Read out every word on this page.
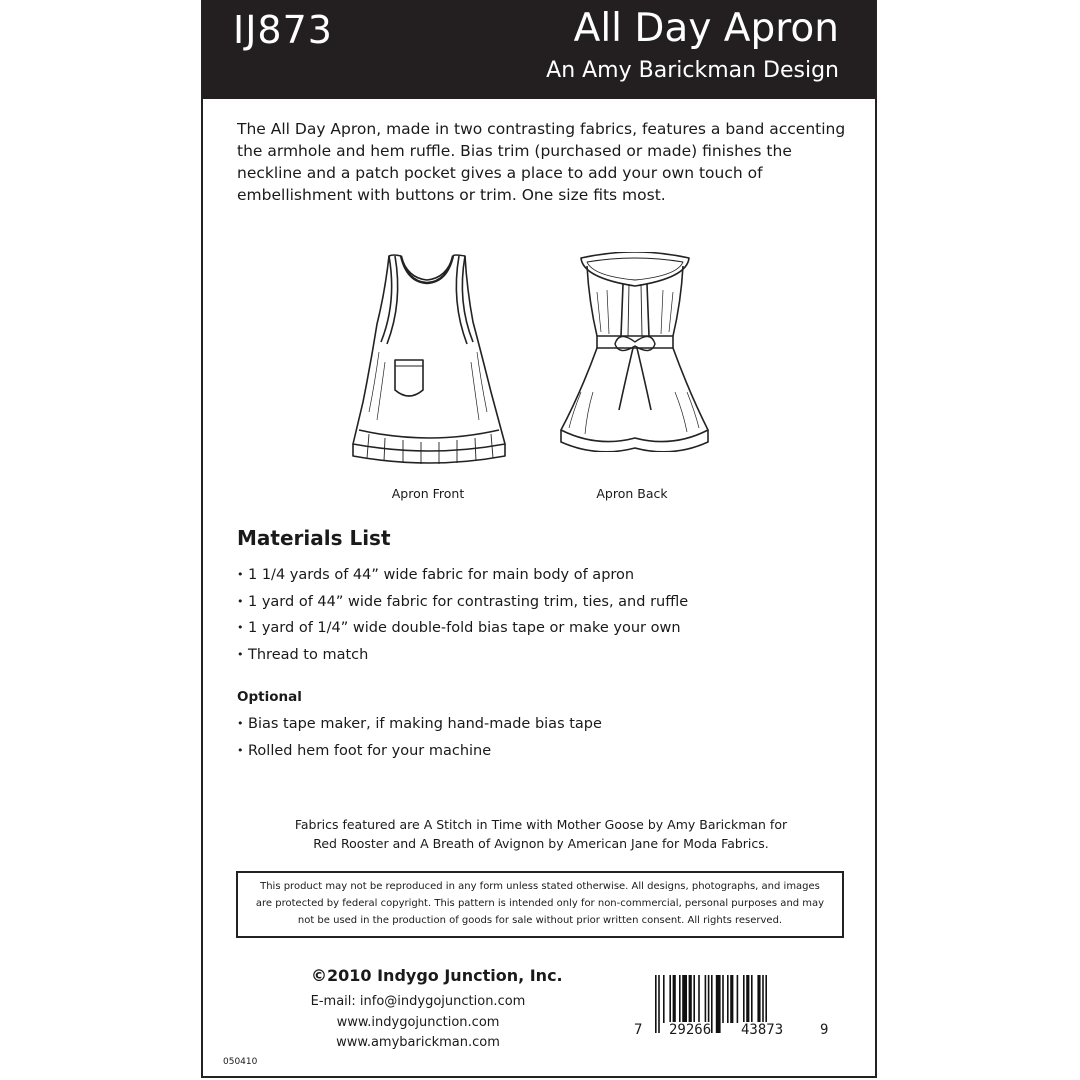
IJ873	All Day Apron
An Amy Barickman Design
The All Day Apron, made in two contrasting fabrics, features a band accenting the armhole and hem ruffle. Bias trim (purchased or made) finishes the neckline and a patch pocket gives a place to add your own touch of embellishment with buttons or trim. One size fits most.
Apron Front	Apron Back
Materials List
• 1 1/4 yards of 44” wide fabric for main body of apron
• 1 yard of 44” wide fabric for contrasting trim, ties, and ruffle
• 1 yard of 1/4” wide double-fold bias tape or make your own
• Thread to match
Optional
• Bias tape maker, if making hand-made bias tape
• Rolled hem foot for your machine
Fabrics featured are A Stitch in Time with Mother Goose by Amy Barickman for
Red Rooster and A Breath of Avignon by American Jane for Moda Fabrics.
This product may not be reproduced in any form unless stated otherwise. All designs, photographs, and images
are protected by federal copyright. This pattern is intended only for non-commercial, personal purposes and may
not be used in the production of goods for sale without prior written consent. All rights reserved.
©2010 Indygo Junction, Inc.
E-mail: info@indygojunction.com
www.indygojunction.com
www.amybarickman.com
050410
7 29266 43873	9
